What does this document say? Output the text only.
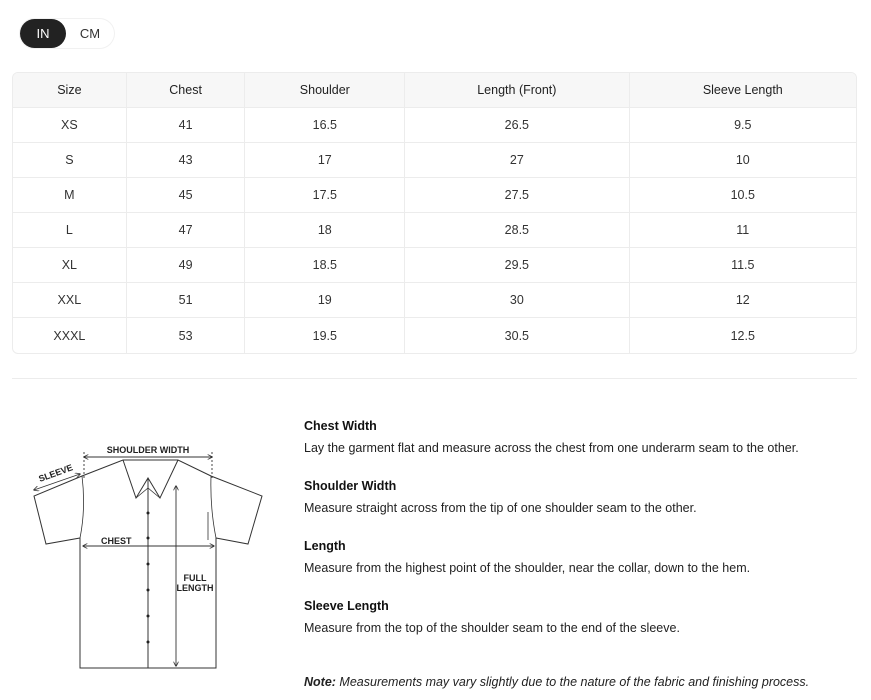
IN	CM
Size	Chest	Shoulder	Length (Front)	Sleeve Length
XS	41	16.5	26.5	9.5
S	43	17	27	10
M	45	17.5	27.5	10.5
L	47	18	28.5	11
XL	49	18.5	29.5	11.5
XXL	51	19	30	12
XXXL	53	19.5	30.5	12.5
SHOULDER WIDTH
SLEEVE
CHEST
FULL
LENGTH
Chest Width
Lay the garment flat and measure across the chest from one underarm seam to the other.
Shoulder Width
Measure straight across from the tip of one shoulder seam to the other.
Length
Measure from the highest point of the shoulder, near the collar, down to the hem.
Sleeve Length
Measure from the top of the shoulder seam to the end of the sleeve.
Note: Measurements may vary slightly due to the nature of the fabric and finishing process.
